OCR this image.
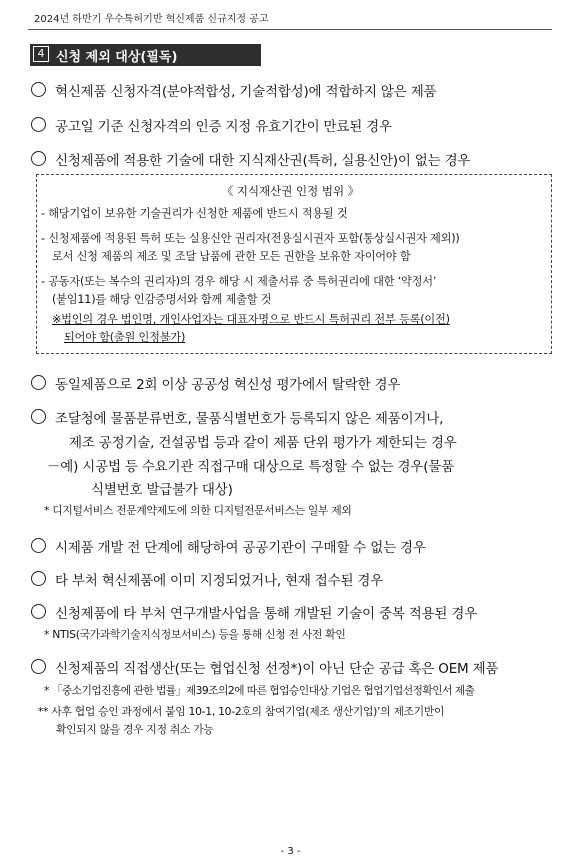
2024년 하반기 우수특허기반 혁신제품 신규지정 공고
4 신청 제외 대상(필독)
혁신제품 신청자격(분야적합성, 기술적합성)에 적합하지 않은 제품
공고일 기준 신청자격의 인증 지정 유효기간이 만료된 경우
신청제품에 적용한 기술에 대한 지식재산권(특허, 실용신안)이 없는 경우
《 지식재산권 인정 범위 》
- 해당기업이 보유한 기술권리가 신청한 제품에 반드시 적용될 것
- 신청제품에 적용된 특허 또는 실용신안 권리자(전용실시권자 포함(통상실시권자 제외))
로서 신청 제품의 제조 및 조달 납품에 관한 모든 권한을 보유한 자이어야 함
- 공동자(또는 복수의 권리자)의 경우 해당 시 제출서류 중 특허권리에 대한 ‘약정서’
(붙임11)를 해당 인감증명서와 함께 제출할 것
※법인의 경우 법인명, 개인사업자는 대표자명으로 반드시 특허권리 전부 등록(이전)
되어야 함(출원 인정불가)
동일제품으로 2회 이상 공공성 혁신성 평가에서 탈락한 경우
조달청에 물품분류번호, 물품식별번호가 등록되지 않은 제품이거나,
제조 공정기술, 건설공법 등과 같이 제품 단위 평가가 제한되는 경우
－예) 시공법 등 수요기관 직접구매 대상으로 특정할 수 없는 경우(물품
식별번호 발급불가 대상)
* 디지털서비스 전문계약제도에 의한 디지털전문서비스는 일부 제외
시제품 개발 전 단계에 해당하여 공공기관이 구매할 수 없는 경우
타 부처 혁신제품에 이미 지정되었거나, 현재 접수된 경우
신청제품에 타 부처 연구개발사업을 통해 개발된 기술이 중복 적용된 경우
* NTIS(국가과학기술지식정보서비스) 등을 통해 신청 전 사전 확인
신청제품의 직접생산(또는 협업신청 선정*)이 아닌 단순 공급 혹은 OEM 제품
* 「중소기업진흥에 관한 법률」제39조의2에 따른 협업승인대상 기업은 협업기업선정확인서 제출
** 사후 협업 승인 과정에서 붙임 10-1, 10-2호의 참여기업(제조 생산기업)’의 제조기반이
확인되지 않을 경우 지정 취소 가능
- 3 -
